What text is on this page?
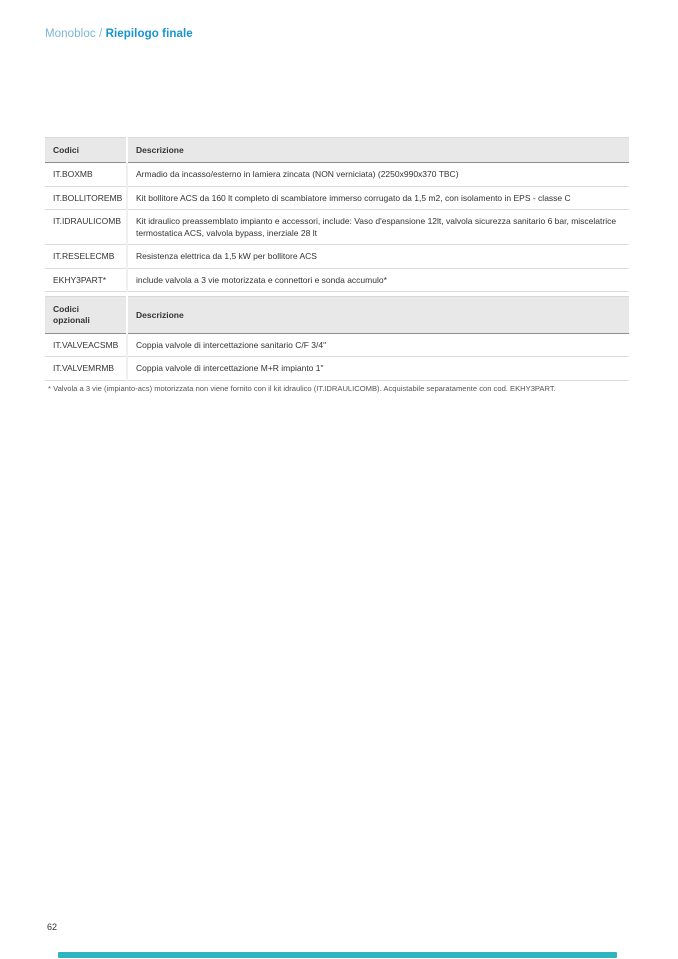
Monobloc / Riepilogo finale
Codici	Descrizione
IT.BOXMB	Armadio da incasso/esterno in lamiera zincata (NON verniciata) (2250x990x370 TBC)
IT.BOLLITOREMB	Kit bollitore ACS da 160 lt completo di scambiatore immerso corrugato da 1,5 m2, con isolamento in EPS - classe C
IT.IDRAULICOMB	Kit idraulico preassemblato impianto e accessori, include: Vaso d'espansione 12lt, valvola sicurezza sanitario 6 bar, miscelatrice termostatica ACS, valvola bypass, inerziale 28 lt
IT.RESELECMB	Resistenza elettrica da 1,5 kW per bollitore ACS
EKHY3PART*	include valvola a 3 vie motorizzata e connettori e sonda accumulo*
Codici opzionali	Descrizione
IT.VALVEACSMB	Coppia valvole di intercettazione sanitario C/F 3/4"
IT.VALVEMRMB	Coppia valvole di intercettazione M+R impianto 1"

* Valvola a 3 vie (impianto-acs) motorizzata non viene fornito con il kit idraulico (IT.IDRAULICOMB). Acquistabile separatamente con cod. EKHY3PART.

62
